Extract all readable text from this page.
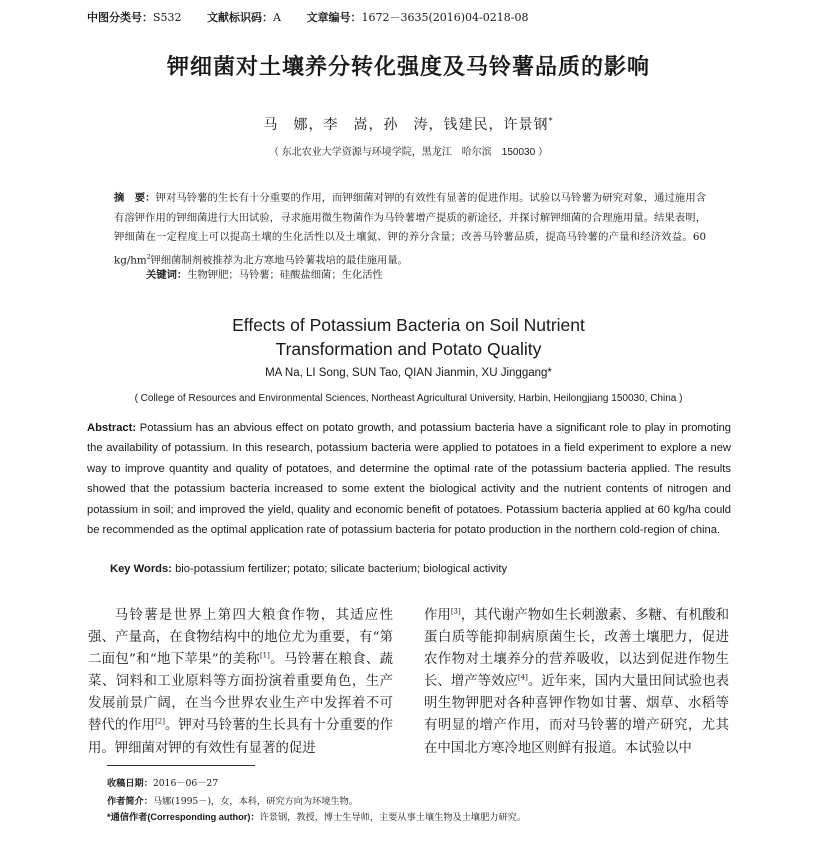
中图分类号：S532 文献标识码：A 文章编号：1672－3635(2016)04-0218-08
钾细菌对土壤养分转化强度及马铃薯品质的影响
马　娜，李　嵩，孙　涛，钱建民，许景钢*
（ 东北农业大学资源与环境学院，黑龙江　哈尔滨　150030 ）
摘　要：钾对马铃薯的生长有十分重要的作用，而钾细菌对钾的有效性有显著的促进作用。试验以马铃薯为研究对象，通过施用含有溶钾作用的钾细菌进行大田试验，寻求施用微生物菌作为马铃薯增产提质的新途径，并探讨解钾细菌的合理施用量。结果表明，钾细菌在一定程度上可以提高土壤的生化活性以及土壤氮、钾的养分含量；改善马铃薯品质，提高马铃薯的产量和经济效益。60 $kg/hm^2$钾细菌制剂被推荐为北方寒地马铃薯栽培的最佳施用量。
关键词：生物钾肥；马铃薯；硅酸盐细菌；生化活性
Effects of Potassium Bacteria on Soil Nutrient
Transformation and Potato Quality
MA Na, LI Song, SUN Tao, QIAN Jianmin, XU Jinggang*
( College of Resources and Environmental Sciences, Northeast Agricultural University, Harbin, Heilongjiang 150030, China )
Abstract: Potassium has an abvious effect on potato growth, and potassium bacteria have a significant role to play in promoting the availability of potassium. In this research, potassium bacteria were applied to potatoes in a field experiment to explore a new way to improve quantity and quality of potatoes, and determine the optimal rate of the potassium bacteria applied. The results showed that the potassium bacteria increased to some extent the biological activity and the nutrient contents of nitrogen and potassium in soil; and improved the yield, quality and economic benefit of potatoes. Potassium bacteria applied at 60 kg/ha could be recommended as the optimal application rate of potassium bacteria for potato production in the northern cold-region of china.
Key Words: bio-potassium fertilizer; potato; silicate bacterium; biological activity
马铃薯是世界上第四大粮食作物，其适应性强、产量高，在食物结构中的地位尤为重要，有“第二面包”和“地下苹果”的美称[1]。马铃薯在粮食、蔬菜、饲料和工业原料等方面扮演着重要角色，生产发展前景广阔，在当今世界农业生产中发挥着不可替代的作用[2]。钾对马铃薯的生长具有十分重要的作用。钾细菌对钾的有效性有显著的促进
作用[3]，其代谢产物如生长刺激素、多糖、有机酸和蛋白质等能抑制病原菌生长，改善土壤肥力，促进农作物对土壤养分的营养吸收，以达到促进作物生长、增产等效应[4]。近年来，国内大量田间试验也表明生物钾肥对各种喜钾作物如甘薯、烟草、水稻等有明显的增产作用，而对马铃薯的增产研究，尤其在中国北方寒冷地区则鲜有报道。本试验以中
收稿日期：2016－06－27
作者简介：马娜(1995－)，女，本科，研究方向为环境生物。
*通信作者(Corresponding author)：许景钢，教授，博士生导师，主要从事土壤生物及土壤肥力研究。
